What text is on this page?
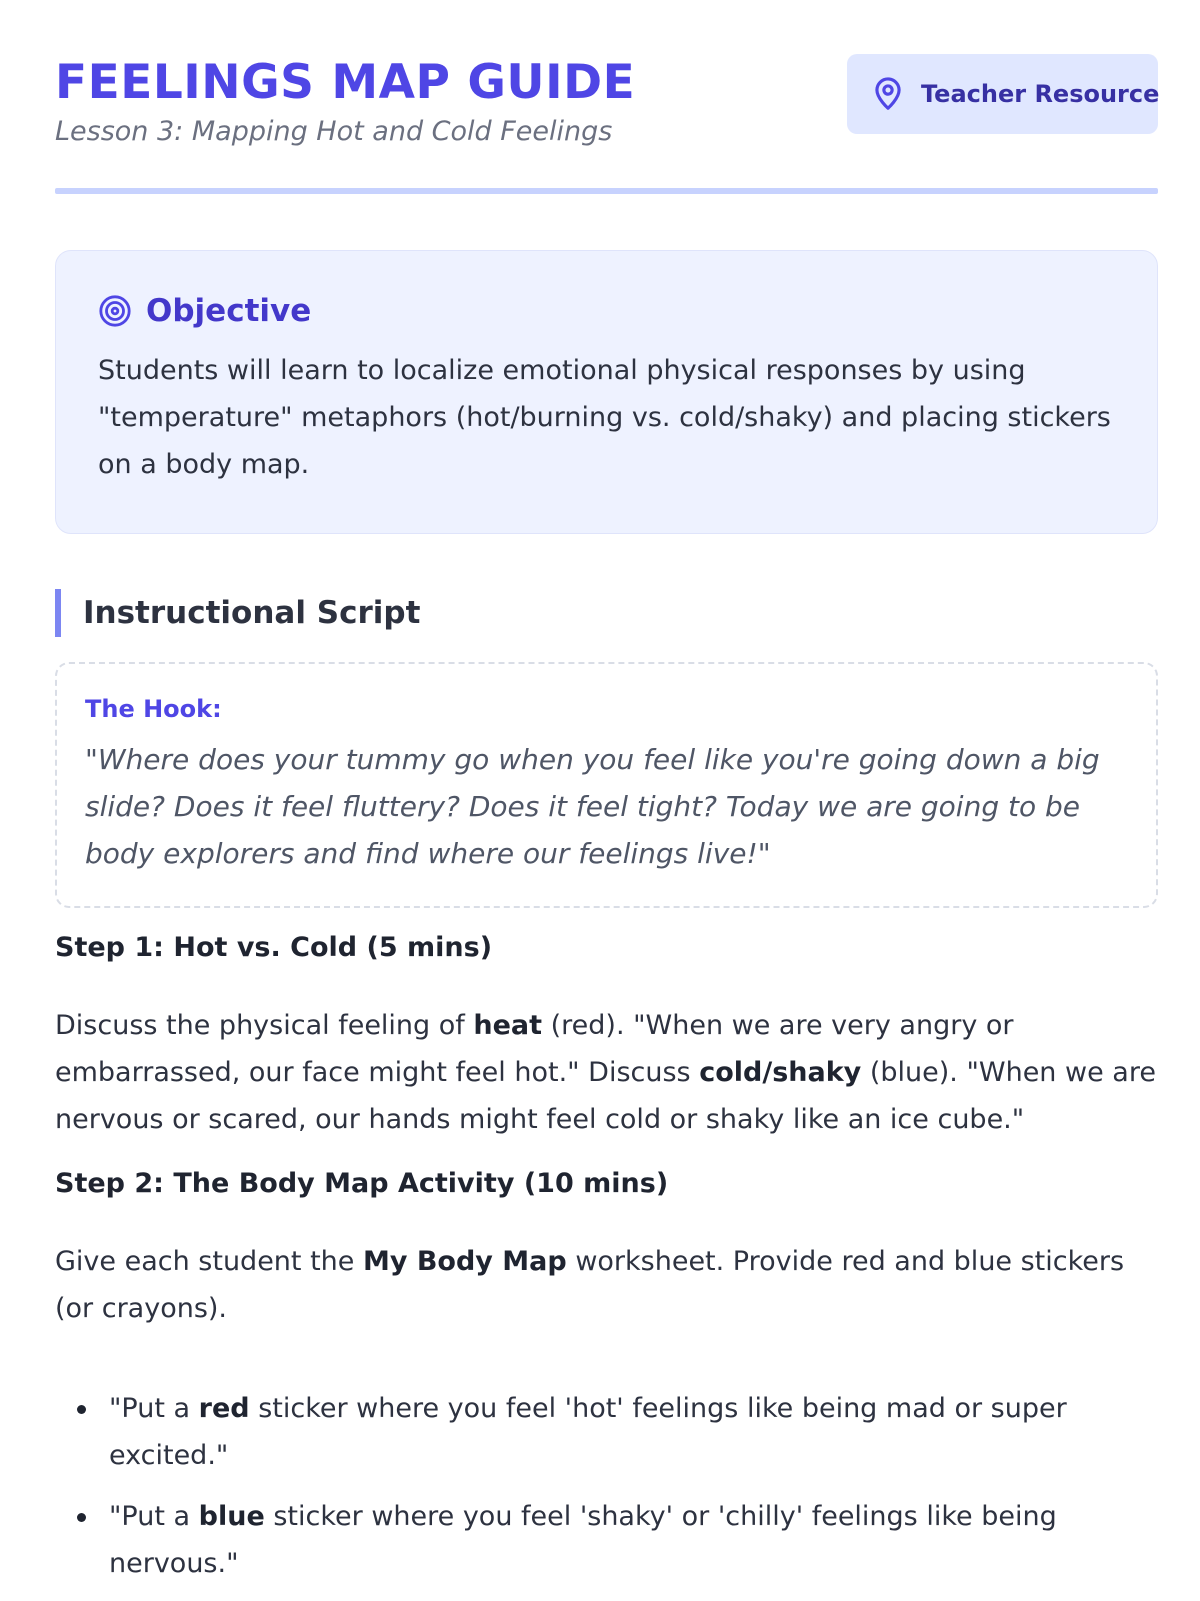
FEELINGS MAP GUIDE

Lesson 3: Mapping Hot and Cold Feelings

Teacher Resource
Objective

Students will learn to localize emotional physical responses by using "temperature" metaphors (hot/burning vs. cold/shaky) and placing stickers on a body map.

Instructional Script
The Hook:

"Where does your tummy go when you feel like you're going down a big slide? Does it feel fluttery? Does it feel tight? Today we are going to be body explorers and find where our feelings live!"

Step 1: Hot vs. Cold (5 mins)

Discuss the physical feeling of heat (red). "When we are very angry or embarrassed, our face might feel hot." Discuss cold/shaky (blue). "When we are nervous or scared, our hands might feel cold or shaky like an ice cube."

Step 2: The Body Map Activity (10 mins)

Give each student the My Body Map worksheet. Provide red and blue stickers (or crayons).

"Put a red sticker where you feel 'hot' feelings like being mad or super excited."
"Put a blue sticker where you feel 'shaky' or 'chilly' feelings like being nervous."
